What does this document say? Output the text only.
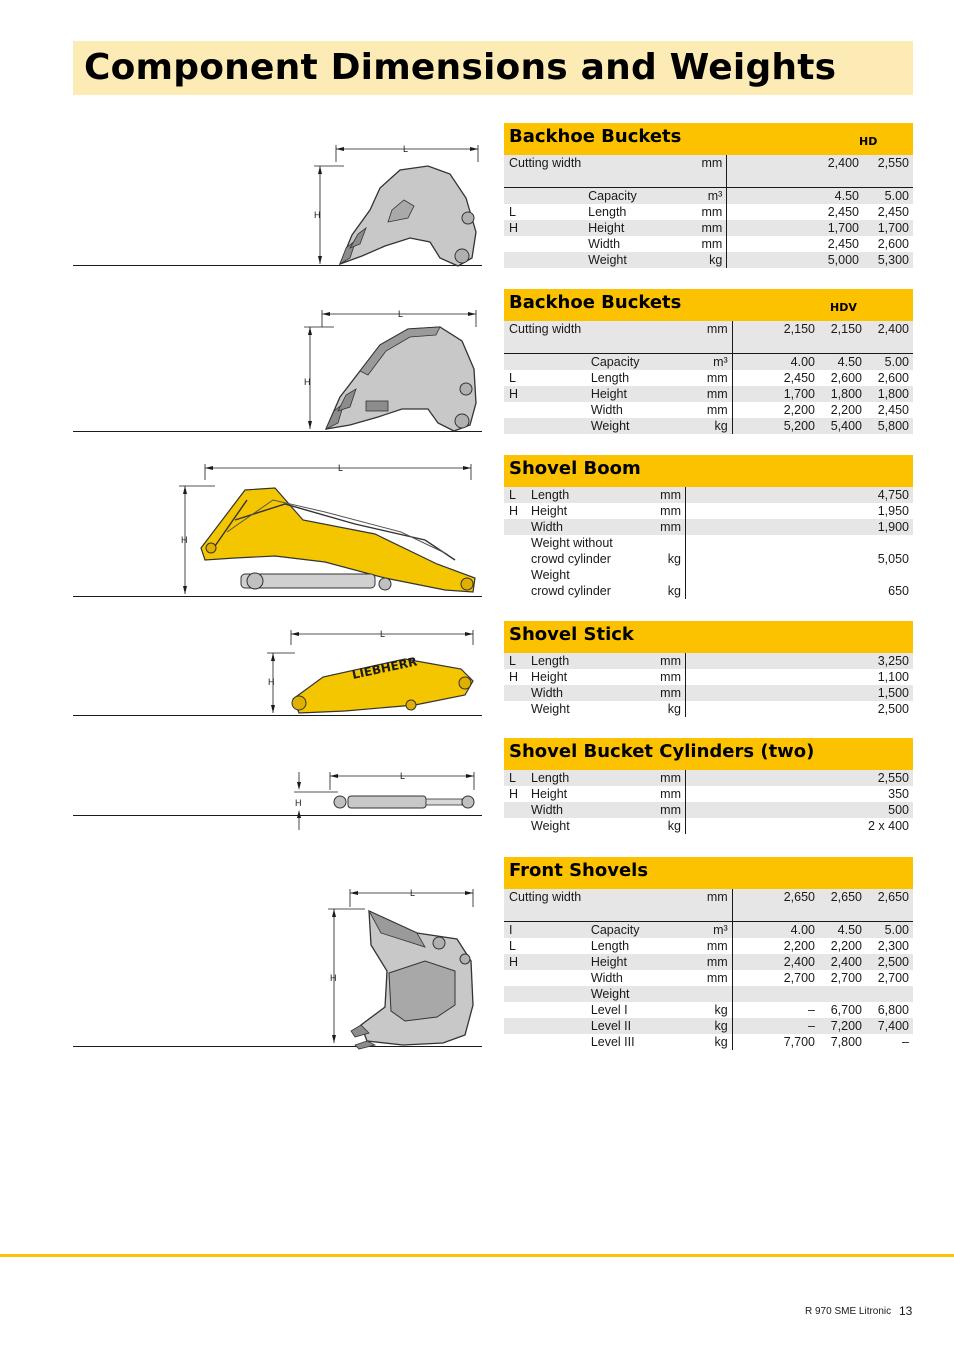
Component Dimensions and Weights
Backhoe Buckets	HD
Cutting width		mm		2,400	2,550
	Capacity	m³		4.50	5.00
L	Length	mm		2,450	2,450
H	Height	mm		1,700	1,700
	Width	mm		2,450	2,600
	Weight	kg		5,000	5,300
Backhoe Buckets	HDV
Cutting width		mm	2,150	2,150	2,400
	Capacity	m³	4.00	4.50	5.00
L	Length	mm	2,450	2,600	2,600
H	Height	mm	1,700	1,800	1,800
	Width	mm	2,200	2,200	2,450
	Weight	kg	5,200	5,400	5,800
Shovel Boom
L	Length	mm	4,750
H	Height	mm	1,950
	Width	mm	1,900

	Weight without
crowd cylinder	kg	5,050

	Weight
crowd cylinder	kg	650
Shovel Stick
L	Length	mm	3,250
H	Height	mm	1,100
	Width	mm	1,500
	Weight	kg	2,500
Shovel Bucket Cylinders (two)
L	Length	mm	2,550
H	Height	mm	350
	Width	mm	500
	Weight	kg	2 x 400
Front Shovels
Cutting width		mm	2,650	2,650	2,650
I	Capacity	m³	4.00	4.50	5.00
L	Length	mm	2,200	2,200	2,300
H	Height	mm	2,400	2,400	2,500
	Width	mm	2,700	2,700	2,700
	Weight				
	Level I	kg	–	6,700	6,800
	Level II	kg	–	7,200	7,400
	Level III	kg	7,700	7,800	–
L
H
L
H
L
H
L
H
LIEBHERR
L
H
L
H
R 970 SME Litronic 13
